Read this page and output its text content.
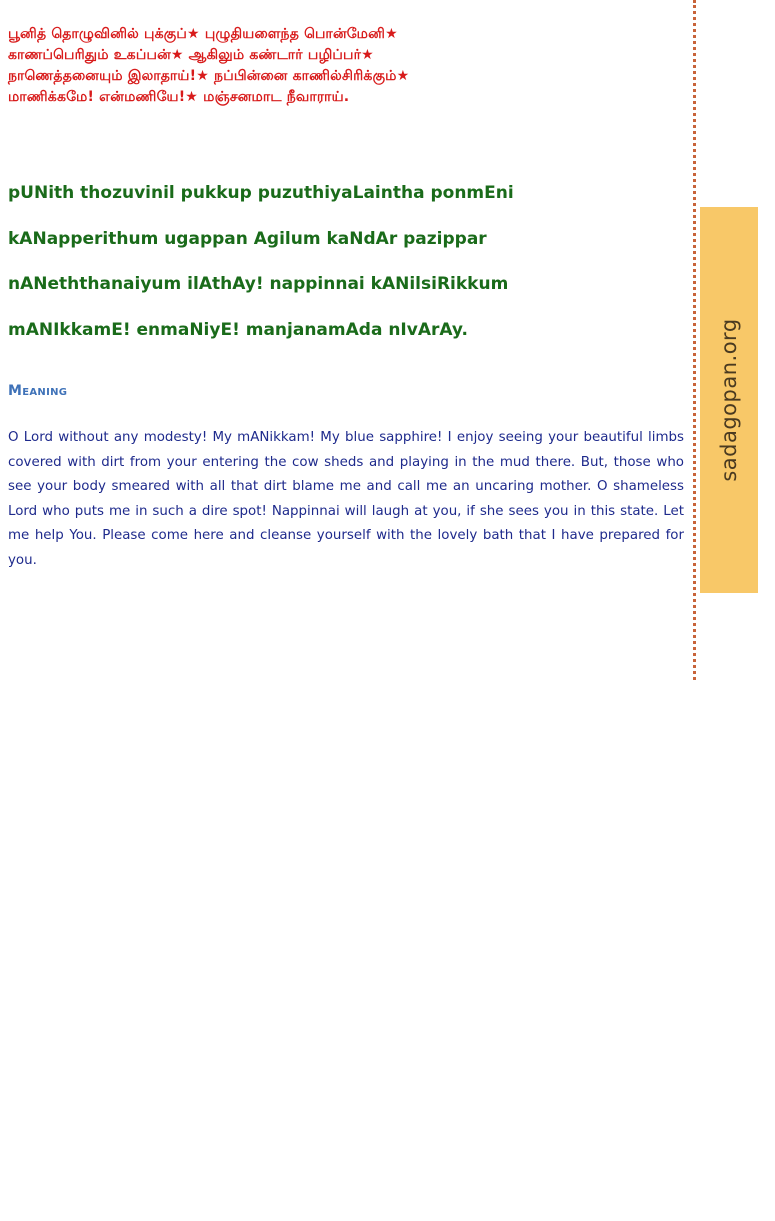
பூனித் தொழுவினில் புக்குப்★ புழுதியளைந்த பொன்மேனி★
காணப்பெரிதும் உகப்பன்★ ஆகிலும் கண்டார் பழிப்பர்★
நாணெத்தனையும் இலாதாய்!★ நப்பின்னை காணில்சிரிக்கும்★
மாணிக்கமே! என்மணியே!★ மஞ்சனமாட நீவாராய்.
pUNith thozuvinil pukkup puzuthiyaLaintha ponmEni
kANapperithum ugappan Agilum kaNdAr pazippar
nANeththanaiyum ilAthAy! nappinnai kANilsiRikkum
mANIkkamE! enmaNiyE! manjanamAda nIvArAy.
Meaning
O Lord without any modesty! My mANikkam! My blue sapphire! I enjoy seeing your beautiful limbs covered with dirt from your entering the cow sheds and playing in the mud there. But, those who see your body smeared with all that dirt blame me and call me an uncaring mother. O shameless Lord who puts me in such a dire spot! Nappinnai will laugh at you, if she sees you in this state. Let me help You. Please come here and cleanse yourself with the lovely bath that I have prepared for you.
sadagopan.org
